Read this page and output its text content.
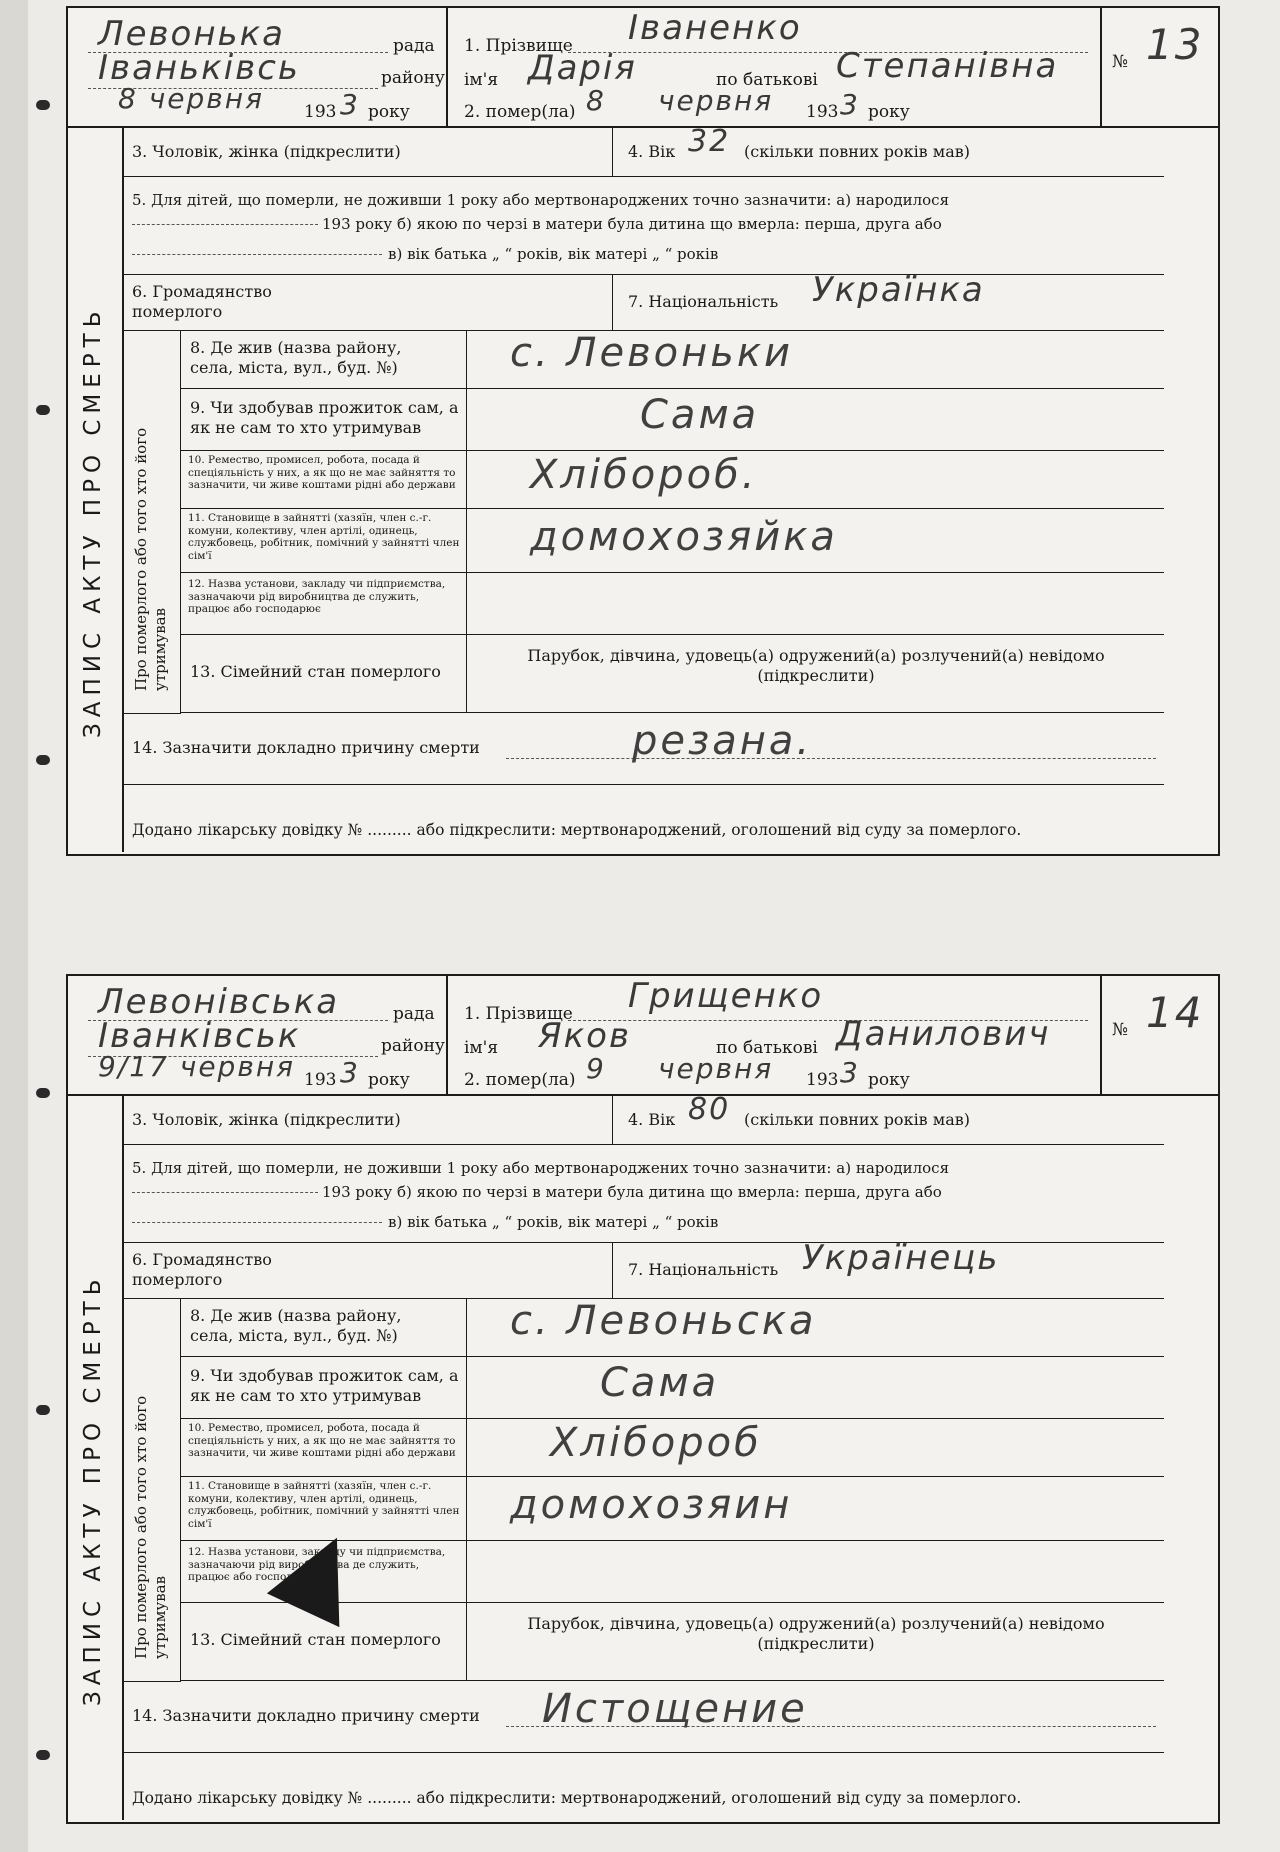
Левонька	рада
Іваньківсь	району
8 червня 193 3 року
1. Прізвище Іваненко
ім'я Дарія	по батькові Степанівна
2. помер(ла) 8 червня 193 3 року
№ 13
ЗАПИС АКТУ ПРО СМЕРТЬ
3. Чоловік, жінка (підкреслити)	4. Вік 32 (скільки повних років мав)
5. Для дітей, що померли, не доживши 1 року або мертвонароджених точно зазначити: а) народилося
193 року б) якою по черзі в матери була дитина що вмерла: перша, друга або
в) вік батька „ “ років, вік матері „ “ років
6. Громадянство померлого
7. Національність Українка
Про померлого або того хто його утримував
8. Де жив (назва району, села, міста, вул., буд. №)	с. Левоньки
9. Чи здобував прожиток сам, а як не сам то хто утримував	Сама
10. Ремество, промисел, робота, посада й спеціяльність у них, а як що не має зайняття то зазначити, чи живе коштами рідні або держави Хлібороб.
11. Становище в зайнятті (хазяїн, член с.-г. комуни, колективу, член артілі, одинець, службовець, робітник, помічний у зайнятті член сім'ї	домохозяйка
12. Назва установи, закладу чи підприємства, зазначаючи рід виробництва де служить, працює або господарює
13. Сімейний стан померлого
Парубок, дівчина, удовець(а) одружений(а) розлучений(а) невідомо (підкреслити)
14. Зазначити докладно причину смерти	резана.
Додано лікарську довідку № ......... або підкреслити: мертвонароджений, оголошений від суду за померлого.
Левонівська	рада
Іванківськ	району
9/17 червня 193 3 року
1. Прізвище Грищенко
ім'я Яков	по батькові Данилович
2. помер(ла) 9 червня 193 3 року
№ 14
ЗАПИС АКТУ ПРО СМЕРТЬ
3. Чоловік, жінка (підкреслити)	4. Вік 80 (скільки повних років мав)
5. Для дітей, що померли, не доживши 1 року або мертвонароджених точно зазначити: а) народилося
193 року б) якою по черзі в матери була дитина що вмерла: перша, друга або
в) вік батька „ “ років, вік матері „ “ років
6. Громадянство померлого
7. Національність Українець
Про померлого або того хто його утримував
8. Де жив (назва району, села, міста, вул., буд. №)	с. Левоньска
9. Чи здобував прожиток сам, а як не сам то хто утримував	Сама
10. Ремество, промисел, робота, посада й спеціяльність у них, а як що не має зайняття то зазначити, чи живе коштами рідні або держави Хлібороб
11. Становище в зайнятті (хазяїн, член с.-г. комуни, колективу, член артілі, одинець, службовець, робітник, помічний у зайнятті член сім'ї	домохозяин
12. Назва установи, закладу чи підприємства, зазначаючи рід виробництва де служить, працює або господарює
13. Сімейний стан померлого
Парубок, дівчина, удовець(а) одружений(а) розлучений(а) невідомо (підкреслити)
14. Зазначити докладно причину смерти Истощение
Додано лікарську довідку № ......... або підкреслити: мертвонароджений, оголошений від суду за померлого.
